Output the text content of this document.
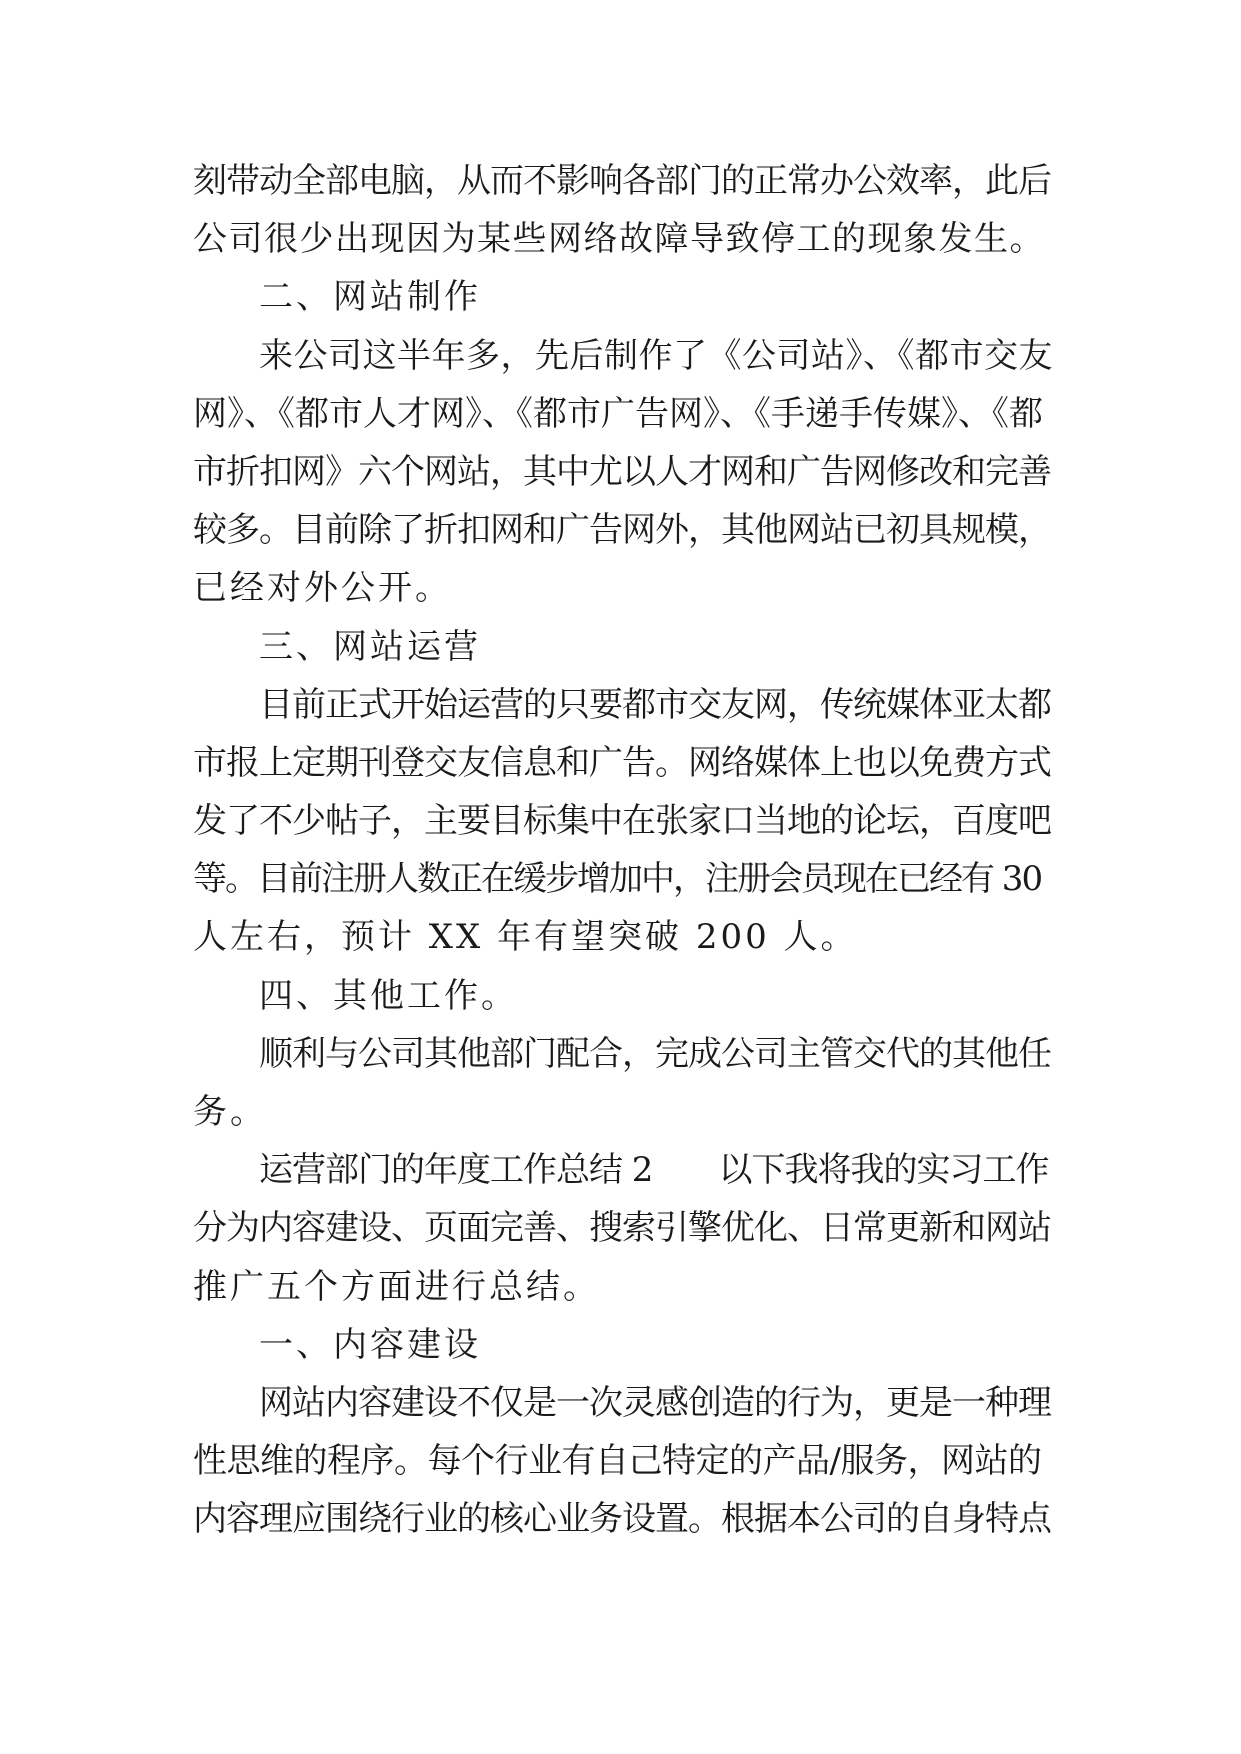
刻带动全部电脑，从而不影响各部门的正常办公效率，此后
公司很少出现因为某些网络故障导致停工的现象发生。
二、网站制作
来公司这半年多，先后制作了《公司站》、《都市交友
网》、《都市人才网》、《都市广告网》、《手递手传媒》、《都
市折扣网》六个网站，其中尤以人才网和广告网修改和完善
较多。目前除了折扣网和广告网外，其他网站已初具规模，
已经对外公开。
三、网站运营
目前正式开始运营的只要都市交友网，传统媒体亚太都
市报上定期刊登交友信息和广告。网络媒体上也以免费方式
发了不少帖子，主要目标集中在张家口当地的论坛，百度吧
等。目前注册人数正在缓步增加中，注册会员现在已经有 30
人左右，预计 XX 年有望突破 200 人。
四、其他工作。
顺利与公司其他部门配合，完成公司主管交代的其他任
务。
运营部门的年度工作总结 2　　以下我将我的实习工作
分为内容建设、页面完善、搜索引擎优化、日常更新和网站
推广五个方面进行总结。
一、内容建设
网站内容建设不仅是一次灵感创造的行为，更是一种理
性思维的程序。每个行业有自己特定的产品/服务，网站的
内容理应围绕行业的核心业务设置。根据本公司的自身特点
